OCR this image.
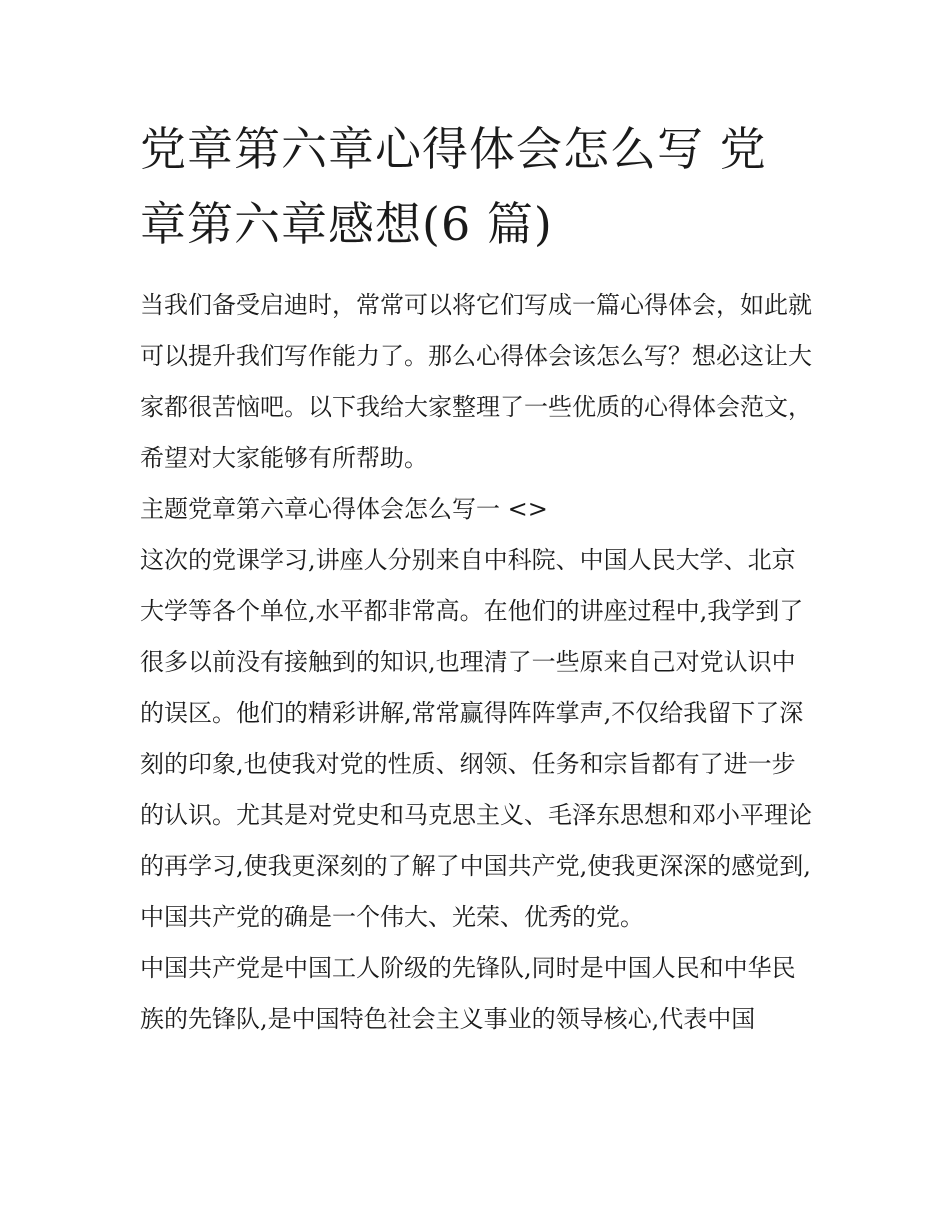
党章第六章心得体会怎么写 党章第六章感想(6 篇)

当我们备受启迪时，常常可以将它们写成一篇心得体会，如此就可以提升我们写作能力了。那么心得体会该怎么写？想必这让大家都很苦恼吧。以下我给大家整理了一些优质的心得体会范文，希望对大家能够有所帮助。

主题党章第六章心得体会怎么写一 <>

这次的党课学习,讲座人分别来自中科院、中国人民大学、北京大学等各个单位,水平都非常高。在他们的讲座过程中,我学到了很多以前没有接触到的知识,也理清了一些原来自己对党认识中的误区。他们的精彩讲解,常常赢得阵阵掌声,不仅给我留下了深刻的印象,也使我对党的性质、纲领、任务和宗旨都有了进一步的认识。尤其是对党史和马克思主义、毛泽东思想和邓小平理论的再学习,使我更深刻的了解了中国共产党,使我更深深的感觉到,中国共产党的确是一个伟大、光荣、优秀的党。

中国共产党是中国工人阶级的先锋队,同时是中国人民和中华民族的先锋队,是中国特色社会主义事业的领导核心,代表中国
